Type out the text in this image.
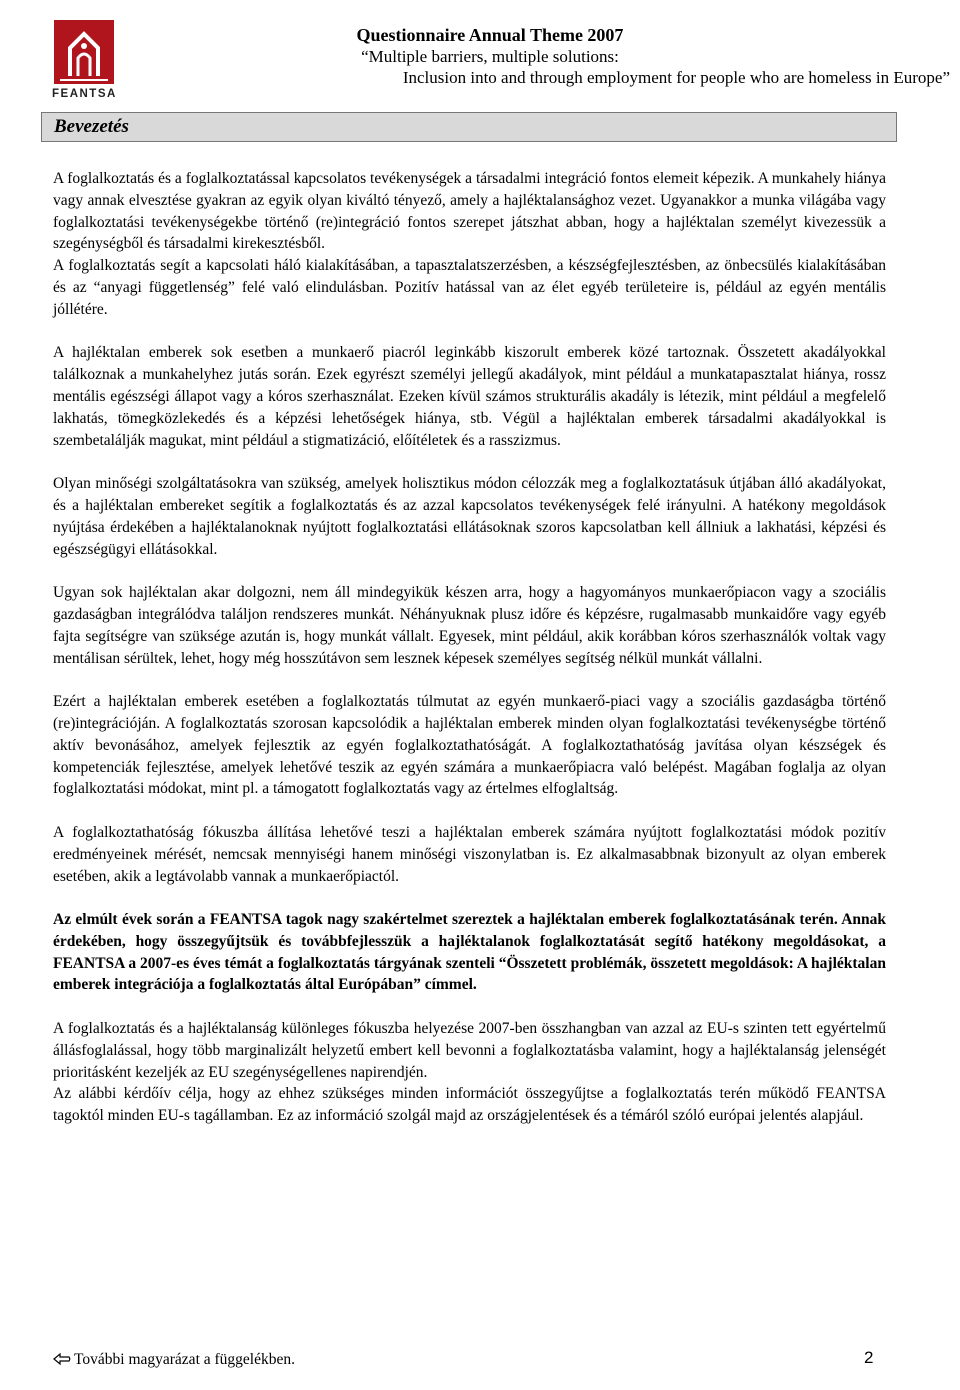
FEANTSA
Questionnaire Annual Theme 2007
“Multiple barriers, multiple solutions:
Inclusion into and through employment for people who are homeless in Europe”
Bevezetés

A foglalkoztatás és a foglalkoztatással kapcsolatos tevékenységek a társadalmi integráció fontos elemeit képezik. A munkahely hiánya vagy annak elvesztése gyakran az egyik olyan kiváltó tényező, amely a hajléktalansághoz vezet. Ugyanakkor a munka világába vagy foglalkoztatási tevékenységekbe történő (re)integráció fontos szerepet játszhat abban, hogy a hajléktalan személyt kivezessük a szegénységből és társadalmi kirekesztésből.

A foglalkoztatás segít a kapcsolati háló kialakításában, a tapasztalatszerzésben, a készségfejlesztésben, az önbecsülés kialakításában és az “anyagi függetlenség” felé való elindulásban. Pozitív hatással van az élet egyéb területeire is, például az egyén mentális jóllétére.

A hajléktalan emberek sok esetben a munkaerő piacról leginkább kiszorult emberek közé tartoznak. Összetett akadályokkal találkoznak a munkahelyhez jutás során. Ezek egyrészt személyi jellegű akadályok, mint például a munkatapasztalat hiánya, rossz mentális egészségi állapot vagy a kóros szerhasználat. Ezeken kívül számos strukturális akadály is létezik, mint például a megfelelő lakhatás, tömegközlekedés és a képzési lehetőségek hiánya, stb. Végül a hajléktalan emberek társadalmi akadályokkal is szembetalálják magukat, mint például a stigmatizáció, előítéletek és a rasszizmus.

Olyan minőségi szolgáltatásokra van szükség, amelyek holisztikus módon célozzák meg a foglalkoztatásuk útjában álló akadályokat, és a hajléktalan embereket segítik a foglalkoztatás és az azzal kapcsolatos tevékenységek felé irányulni. A hatékony megoldások nyújtása érdekében a hajléktalanoknak nyújtott foglalkoztatási ellátásoknak szoros kapcsolatban kell állniuk a lakhatási, képzési és egészségügyi ellátásokkal.

Ugyan sok hajléktalan akar dolgozni, nem áll mindegyikük készen arra, hogy a hagyományos munkaerőpiacon vagy a szociális gazdaságban integrálódva találjon rendszeres munkát. Néhányuknak plusz időre és képzésre, rugalmasabb munkaidőre vagy egyéb fajta segítségre van szüksége azután is, hogy munkát vállalt. Egyesek, mint például, akik korábban kóros szerhasználók voltak vagy mentálisan sérültek, lehet, hogy még hosszútávon sem lesznek képesek személyes segítség nélkül munkát vállalni.

Ezért a hajléktalan emberek esetében a foglalkoztatás túlmutat az egyén munkaerő-piaci vagy a szociális gazdaságba történő (re)integrációján. A foglalkoztatás szorosan kapcsolódik a hajléktalan emberek minden olyan foglalkoztatási tevékenységbe történő aktív bevonásához, amelyek fejlesztik az egyén foglalkoztathatóságát. A foglalkoztathatóság javítása olyan készségek és kompetenciák fejlesztése, amelyek lehetővé teszik az egyén számára a munkaerőpiacra való belépést. Magában foglalja az olyan foglalkoztatási módokat, mint pl. a támogatott foglalkoztatás vagy az értelmes elfoglaltság.

A foglalkoztathatóság fókuszba állítása lehetővé teszi a hajléktalan emberek számára nyújtott foglalkoztatási módok pozitív eredményeinek mérését, nemcsak mennyiségi hanem minőségi viszonylatban is. Ez alkalmasabbnak bizonyult az olyan emberek esetében, akik a legtávolabb vannak a munkaerőpiactól.

Az elmúlt évek során a FEANTSA tagok nagy szakértelmet szereztek a hajléktalan emberek foglalkoztatásának terén. Annak érdekében, hogy összegyűjtsük és továbbfejlesszük a hajléktalanok foglalkoztatását segítő hatékony megoldásokat, a FEANTSA a 2007-es éves témát a foglalkoztatás tárgyának szenteli “Összetett problémák, összetett megoldások: A hajléktalan emberek integrációja a foglalkoztatás által Európában” címmel.

A foglalkoztatás és a hajléktalanság különleges fókuszba helyezése 2007-ben összhangban van azzal az EU-s szinten tett egyértelmű állásfoglalással, hogy több marginalizált helyzetű embert kell bevonni a foglalkoztatásba valamint, hogy a hajléktalanság jelenségét prioritásként kezeljék az EU szegénységellenes napirendjén.

Az alábbi kérdőív célja, hogy az ehhez szükséges minden információt összegyűjtse a foglalkoztatás terén működő FEANTSA tagoktól minden EU-s tagállamban. Ez az információ szolgál majd az országjelentések és a témáról szóló európai jelentés alapjául.

További magyarázat a függelékben.	2
